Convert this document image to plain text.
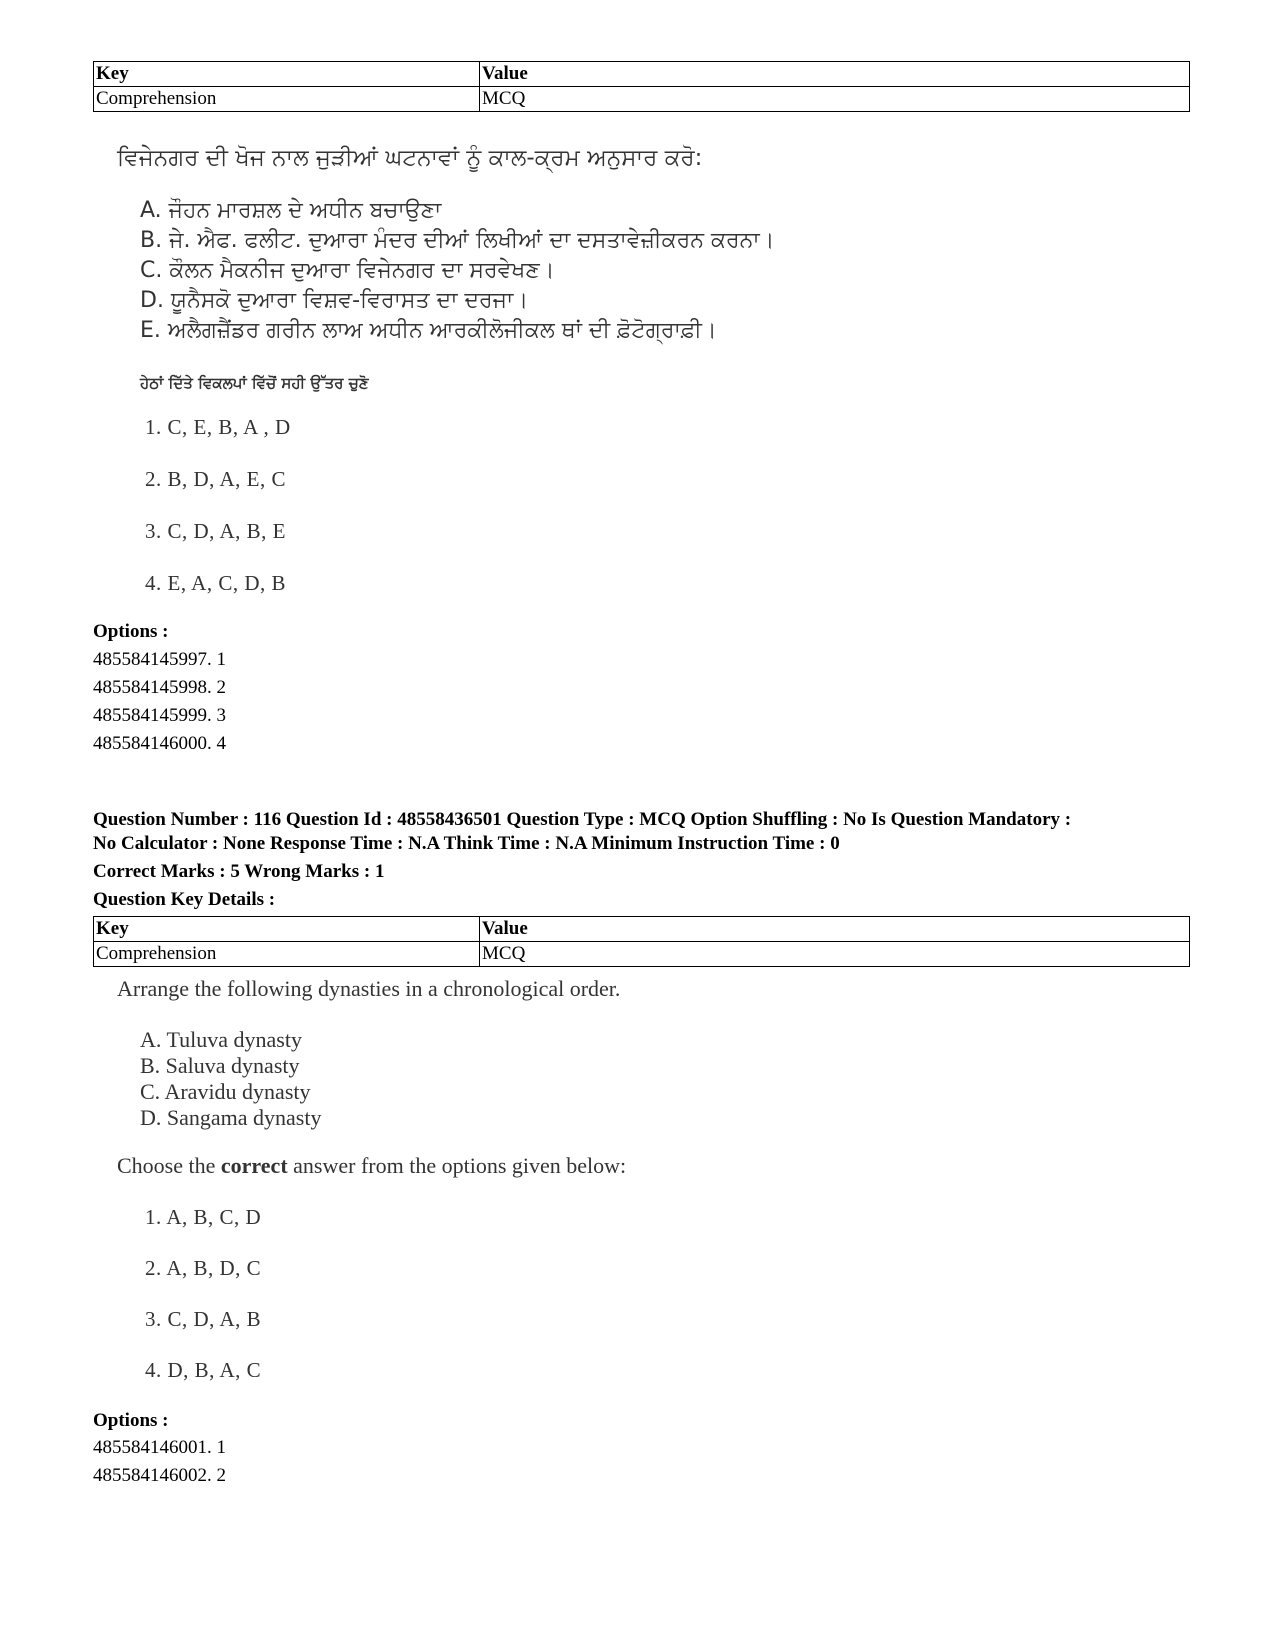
Key	Value
Comprehension	MCQ
ਵਿਜੇਨਗਰ ਦੀ ਖੋਜ ਨਾਲ ਜੁੜੀਆਂ ਘਟਨਾਵਾਂ ਨੂੰ ਕਾਲ-ਕ੍ਰਮ ਅਨੁਸਾਰ ਕਰੋ:
A. ਜੌਹਨ ਮਾਰਸ਼ਲ ਦੇ ਅਧੀਨ ਬਚਾਉਣਾ
B. ਜੇ. ਐਫ. ਫਲੀਟ. ਦੁਆਰਾ ਮੰਦਰ ਦੀਆਂ ਲਿਖੀਆਂ ਦਾ ਦਸਤਾਵੇਜ਼ੀਕਰਨ ਕਰਨਾ।
C. ਕੌਲਨ ਮੈਕਨੀਜ ਦੁਆਰਾ ਵਿਜੇਨਗਰ ਦਾ ਸਰਵੇਖਣ।
D. ਯੂਨੈਸਕੋ ਦੁਆਰਾ ਵਿਸ਼ਵ-ਵਿਰਾਸਤ ਦਾ ਦਰਜਾ।
E. ਅਲੈਗਜ਼ੈਂਡਰ ਗਰੀਨ ਲਾਅ ਅਧੀਨ ਆਰਕੀਲੋਜੀਕਲ ਥਾਂ ਦੀ ਫ਼ੋਟੋਗ੍ਰਾਫ਼ੀ।
ਹੇਠਾਂ ਦਿੱਤੇ ਵਿਕਲਪਾਂ ਵਿੱਚੋਂ ਸਹੀ ਉੱਤਰ ਚੁਣੋ
1. C, E, B, A , D
2. B, D, A, E, C
3. C, D, A, B, E
4. E, A, C, D, B
Options :
485584145997. 1
485584145998. 2
485584145999. 3
485584146000. 4
Question Number : 116 Question Id : 48558436501 Question Type : MCQ Option Shuffling : No Is Question Mandatory :
No Calculator : None Response Time : N.A Think Time : N.A Minimum Instruction Time : 0
Correct Marks : 5 Wrong Marks : 1
Question Key Details :
Key	Value
Comprehension	MCQ
Arrange the following dynasties in a chronological order.
A. Tuluva dynasty
B. Saluva dynasty
C. Aravidu dynasty
D. Sangama dynasty
Choose the correct answer from the options given below:
1. A, B, C, D
2. A, B, D, C
3. C, D, A, B
4. D, B, A, C
Options :
485584146001. 1
485584146002. 2
